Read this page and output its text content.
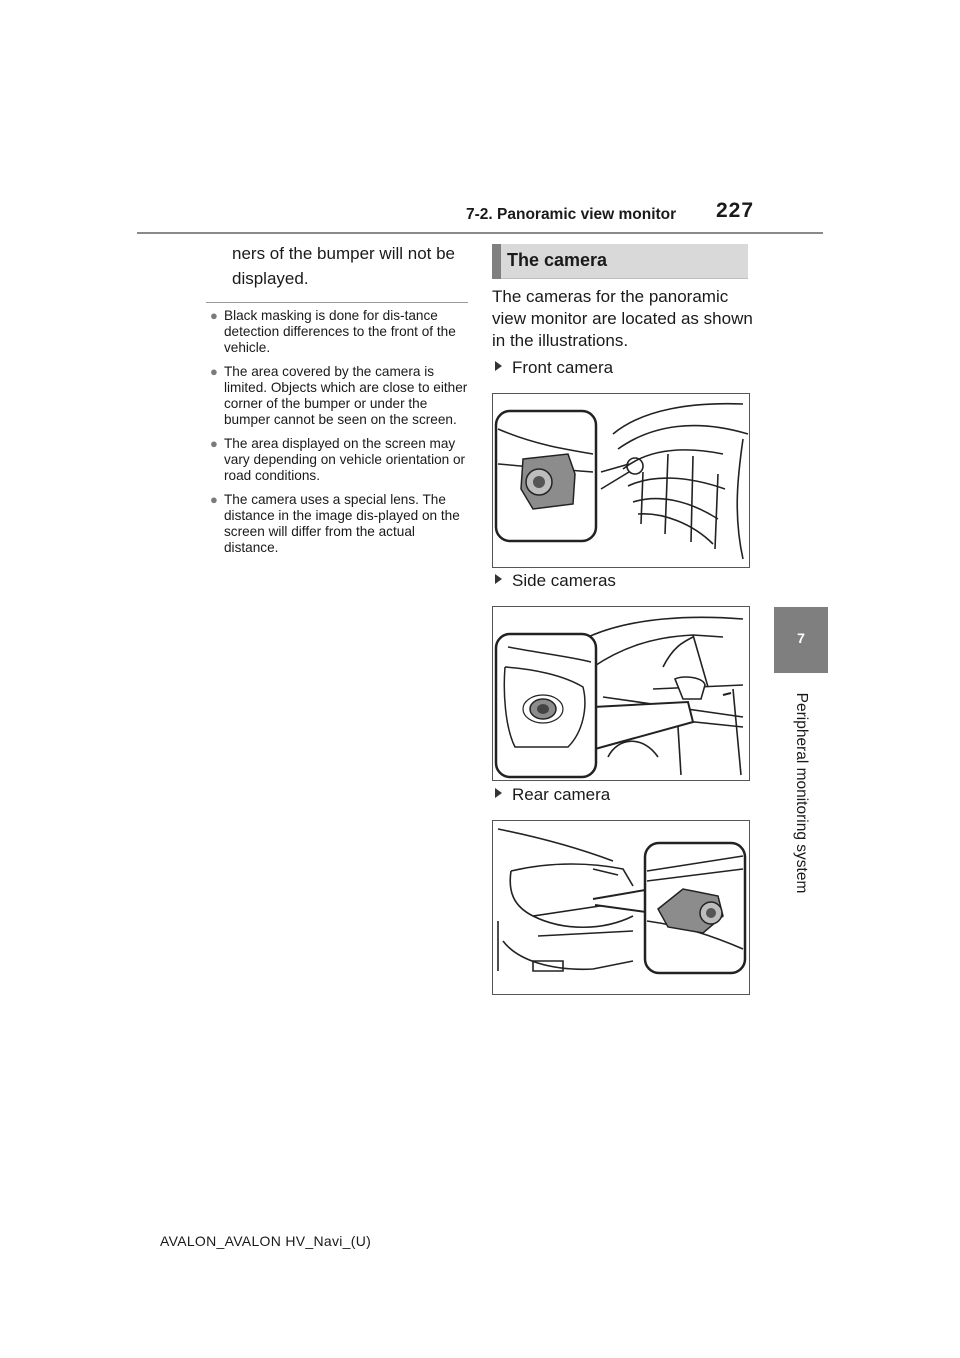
7-2. Panoramic view monitor 227
7
Peripheral monitoring system
ners of the bumper will not be displayed.
● Black masking is done for dis-tance detection differences to the front of the vehicle.
● The area covered by the camera is limited. Objects which are close to either corner of the bumper or under the bumper cannot be seen on the screen.
● The area displayed on the screen may vary depending on vehicle orientation or road conditions.
● The camera uses a special lens. The distance in the image dis-played on the screen will differ from the actual distance.
The camera
The cameras for the panoramic view monitor are located as shown in the illustrations.
Front camera
Side cameras
Rear camera
AVALON_AVALON HV_Navi_(U)
